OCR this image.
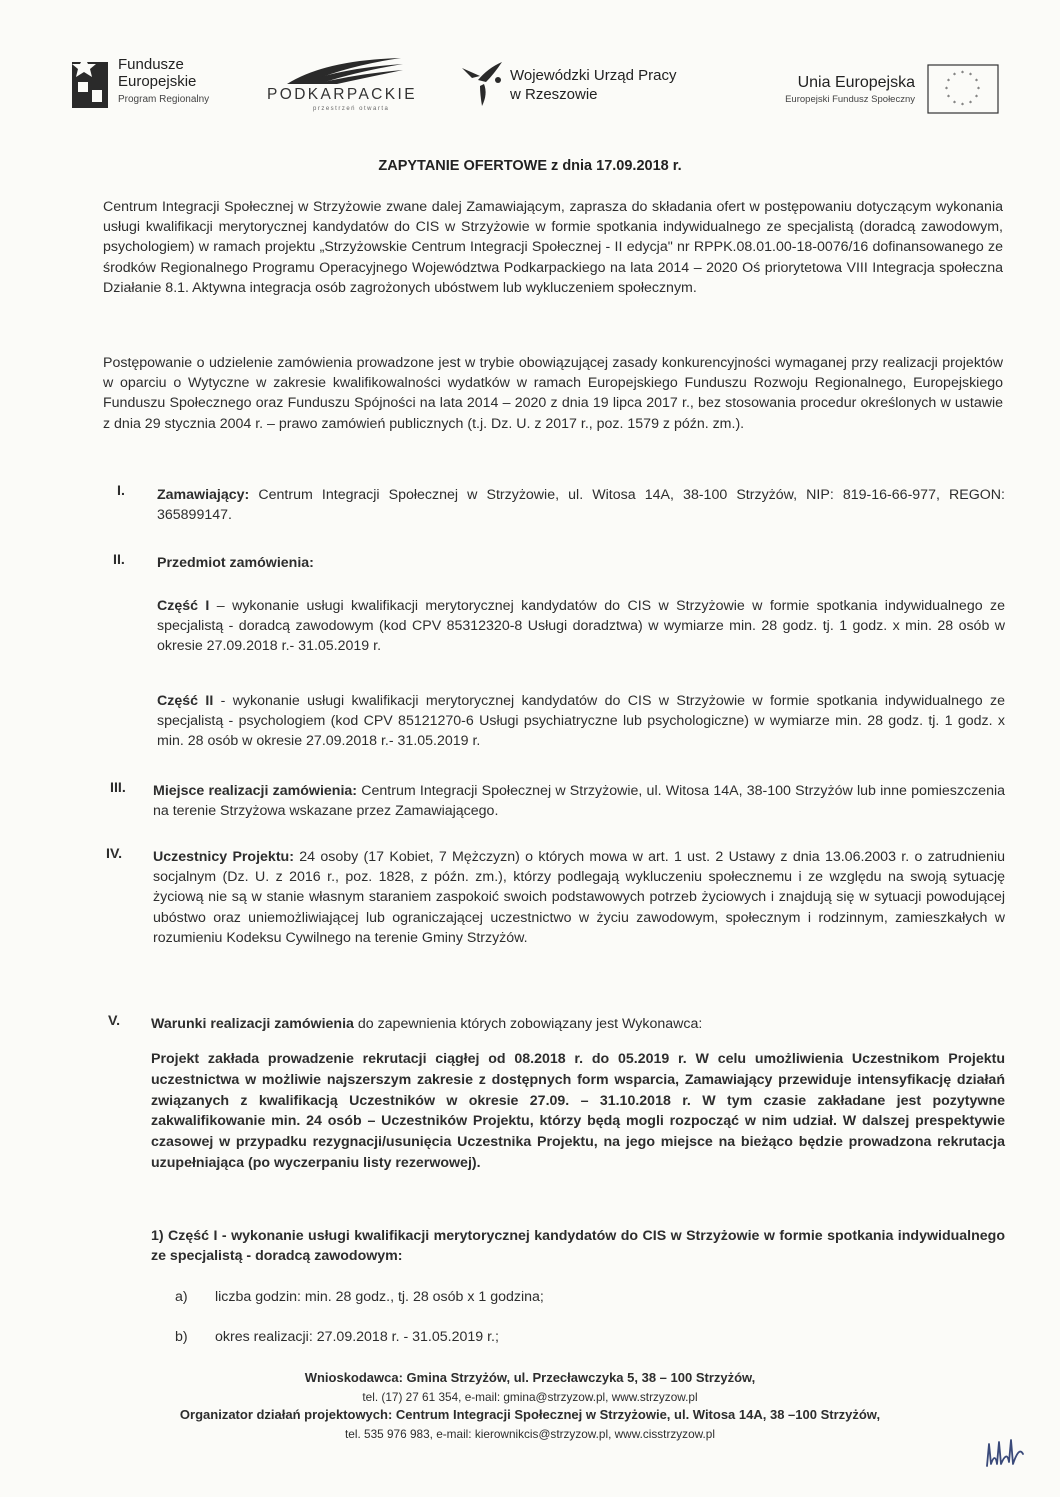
Fundusze
Europejskie
Program Regionalny	PODKARPACKIE
przestrzeń otwarta
Wojewódzki Urząd Pracy
w Rzeszowie
Unia Europejska
Europejski Fundusz Społeczny
* *
*
*
*
*
*
*
*
*
*
*
ZAPYTANIE OFERTOWE z dnia 17.09.2018 r.
Centrum Integracji Społecznej w Strzyżowie zwane dalej Zamawiającym, zaprasza do składania ofert w postępowaniu dotyczącym wykonania usługi kwalifikacji merytorycznej kandydatów do CIS w Strzyżowie w formie spotkania indywidualnego ze specjalistą (doradcą zawodowym, psychologiem) w ramach projektu „Strzyżowskie Centrum Integracji Społecznej - II edycja" nr RPPK.08.01.00-18-0076/16 dofinansowanego ze środków Regionalnego Programu Operacyjnego Województwa Podkarpackiego na lata 2014 – 2020 Oś priorytetowa VIII Integracja społeczna Działanie 8.1. Aktywna integracja osób zagrożonych ubóstwem lub wykluczeniem społecznym.
Postępowanie o udzielenie zamówienia prowadzone jest w trybie obowiązującej zasady konkurencyjności wymaganej przy realizacji projektów w oparciu o Wytyczne w zakresie kwalifikowalności wydatków w ramach Europejskiego Funduszu Rozwoju Regionalnego, Europejskiego Funduszu Społecznego oraz Funduszu Spójności na lata 2014 – 2020 z dnia 19 lipca 2017 r., bez stosowania procedur określonych w ustawie z dnia 29 stycznia 2004 r. – prawo zamówień publicznych (t.j. Dz. U. z 2017 r., poz. 1579 z późn. zm.).
I. Zamawiający: Centrum Integracji Społecznej w Strzyżowie, ul. Witosa 14A, 38-100 Strzyżów, NIP: 819-16-66-977, REGON: 365899147.
II. Przedmiot zamówienia:
Część I – wykonanie usługi kwalifikacji merytorycznej kandydatów do CIS w Strzyżowie w formie spotkania indywidualnego ze specjalistą - doradcą zawodowym (kod CPV 85312320-8 Usługi doradztwa) w wymiarze min. 28 godz. tj. 1 godz. x min. 28 osób w okresie 27.09.2018 r.- 31.05.2019 r.
Część II - wykonanie usługi kwalifikacji merytorycznej kandydatów do CIS w Strzyżowie w formie spotkania indywidualnego ze specjalistą - psychologiem (kod CPV 85121270-6 Usługi psychiatryczne lub psychologiczne) w wymiarze min. 28 godz. tj. 1 godz. x min. 28 osób w okresie 27.09.2018 r.- 31.05.2019 r.
III. Miejsce realizacji zamówienia: Centrum Integracji Społecznej w Strzyżowie, ul. Witosa 14A, 38-100 Strzyżów lub inne pomieszczenia na terenie Strzyżowa wskazane przez Zamawiającego.
IV. Uczestnicy Projektu: 24 osoby (17 Kobiet, 7 Mężczyzn) o których mowa w art. 1 ust. 2 Ustawy z dnia 13.06.2003 r. o zatrudnieniu socjalnym (Dz. U. z 2016 r., poz. 1828, z późn. zm.), którzy podlegają wykluczeniu społecznemu i ze względu na swoją sytuację życiową nie są w stanie własnym staraniem zaspokoić swoich podstawowych potrzeb życiowych i znajdują się w sytuacji powodującej ubóstwo oraz uniemożliwiającej lub ograniczającej uczestnictwo w życiu zawodowym, społecznym i rodzinnym, zamieszkałych w rozumieniu Kodeksu Cywilnego na terenie Gminy Strzyżów.
V. Warunki realizacji zamówienia do zapewnienia których zobowiązany jest Wykonawca:
Projekt zakłada prowadzenie rekrutacji ciągłej od 08.2018 r. do 05.2019 r. W celu umożliwienia Uczestnikom Projektu uczestnictwa w możliwie najszerszym zakresie z dostępnych form wsparcia, Zamawiający przewiduje intensyfikację działań związanych z kwalifikacją Uczestników w okresie 27.09. – 31.10.2018 r. W tym czasie zakładane jest pozytywne zakwalifikowanie min. 24 osób – Uczestników Projektu, którzy będą mogli rozpocząć w nim udział. W dalszej prespektywie czasowej w przypadku rezygnacji/usunięcia Uczestnika Projektu, na jego miejsce na bieżąco będzie prowadzona rekrutacja uzupełniająca (po wyczerpaniu listy rezerwowej).
1) Część I - wykonanie usługi kwalifikacji merytorycznej kandydatów do CIS w Strzyżowie w formie spotkania indywidualnego ze specjalistą - doradcą zawodowym:
a) liczba godzin: min. 28 godz., tj. 28 osób x 1 godzina;
b) okres realizacji: 27.09.2018 r. - 31.05.2019 r.;
Wnioskodawca: Gmina Strzyżów, ul. Przecławczyka 5, 38 – 100 Strzyżów,
tel. (17) 27 61 354, e-mail: gmina@strzyzow.pl, www.strzyzow.pl
Organizator działań projektowych: Centrum Integracji Społecznej w Strzyżowie, ul. Witosa 14A, 38 –100 Strzyżów,
tel. 535 976 983, e-mail: kierownikcis@strzyzow.pl, www.cisstrzyzow.pl
